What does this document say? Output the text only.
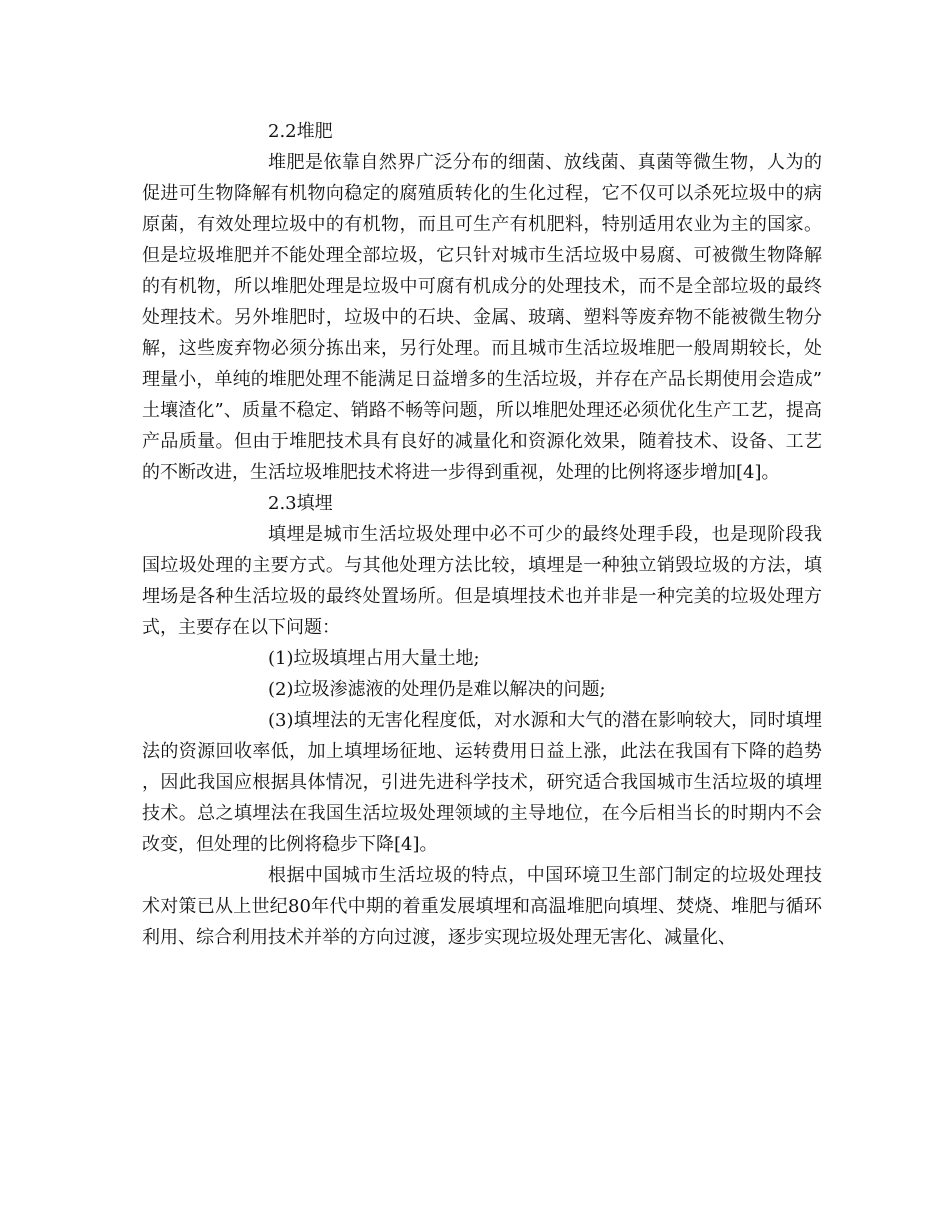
2.2堆肥

堆肥是依靠自然界广泛分布的细菌、放线菌、真菌等微生物，人为的促进可生物降解有机物向稳定的腐殖质转化的生化过程，它不仅可以杀死垃圾中的病原菌，有效处理垃圾中的有机物，而且可生产有机肥料，特别适用农业为主的国家。但是垃圾堆肥并不能处理全部垃圾，它只针对城市生活垃圾中易腐、可被微生物降解的有机物，所以堆肥处理是垃圾中可腐有机成分的处理技术，而不是全部垃圾的最终处理技术。另外堆肥时，垃圾中的石块、金属、玻璃、塑料等废弃物不能被微生物分解，这些废弃物必须分拣出来，另行处理。而且城市生活垃圾堆肥一般周期较长，处理量小，单纯的堆肥处理不能满足日益增多的生活垃圾，并存在产品长期使用会造成”土壤渣化”、质量不稳定、销路不畅等问题，所以堆肥处理还必须优化生产工艺，提高产品质量。但由于堆肥技术具有良好的减量化和资源化效果，随着技术、设备、工艺的不断改进，生活垃圾堆肥技术将进一步得到重视，处理的比例将逐步增加[4]。

2.3填埋

填埋是城市生活垃圾处理中必不可少的最终处理手段，也是现阶段我国垃圾处理的主要方式。与其他处理方法比较，填埋是一种独立销毁垃圾的方法，填埋场是各种生活垃圾的最终处置场所。但是填埋技术也并非是一种完美的垃圾处理方式，主要存在以下问题：

(1)垃圾填埋占用大量土地;

(2)垃圾渗滤液的处理仍是难以解决的问题;

(3)填埋法的无害化程度低，对水源和大气的潜在影响较大，同时填埋法的资源回收率低，加上填埋场征地、运转费用日益上涨，此法在我国有下降的趋势，因此我国应根据具体情况，引进先进科学技术，研究适合我国城市生活垃圾的填埋技术。总之填埋法在我国生活垃圾处理领域的主导地位，在今后相当长的时期内不会改变，但处理的比例将稳步下降[4]。

根据中国城市生活垃圾的特点，中国环境卫生部门制定的垃圾处理技术对策已从上世纪80年代中期的着重发展填埋和高温堆肥向填埋、焚烧、堆肥与循环利用、综合利用技术并举的方向过渡，逐步实现垃圾处理无害化、减量化、
